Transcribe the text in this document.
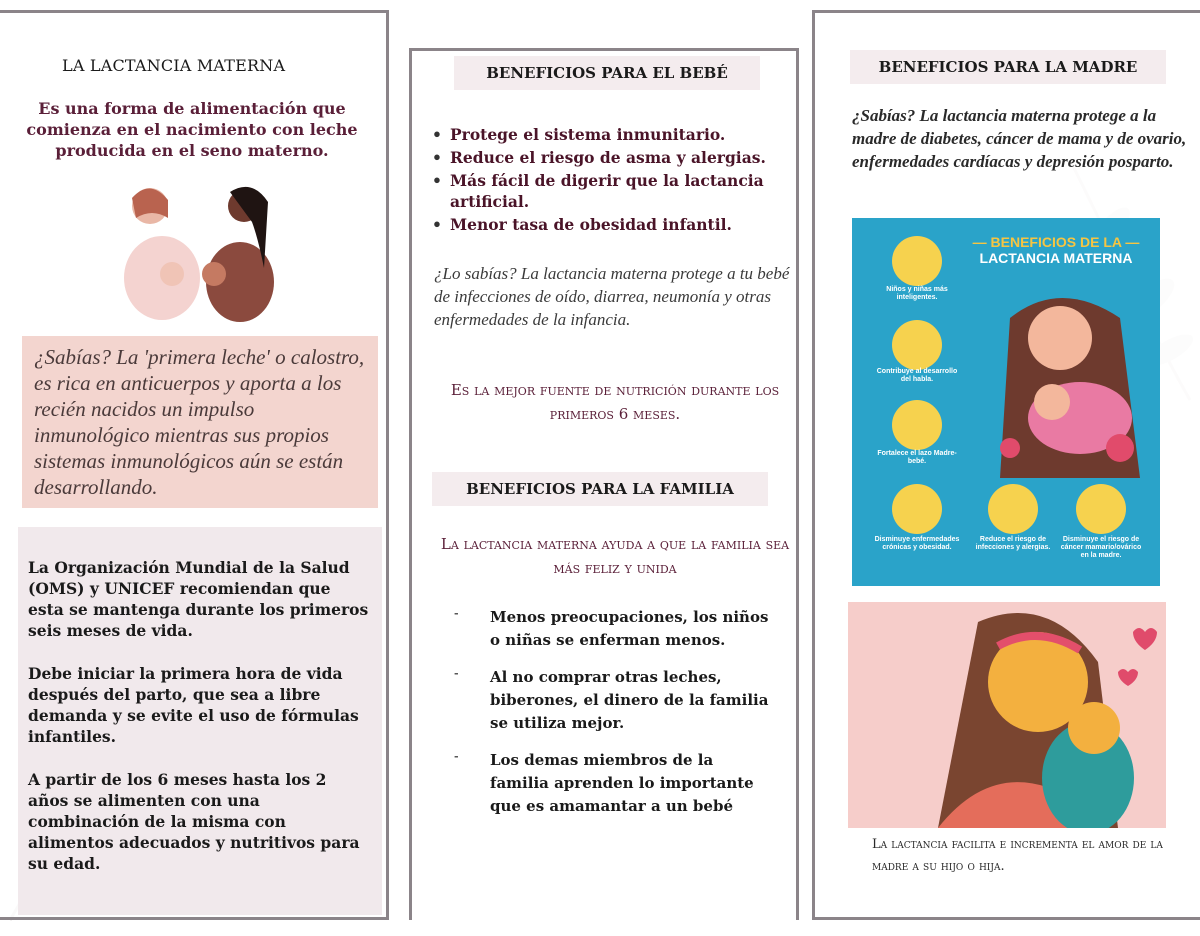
LA LACTANCIA MATERNA
Es una forma de alimentación que comienza en el nacimiento con leche producida en el seno materno.
¿Sabías? La 'primera leche' o calostro, es rica en anticuerpos y aporta a los recién nacidos un impulso inmunológico mientras sus propios sistemas inmunológicos aún se están desarrollando.

La Organización Mundial de la Salud (OMS) y UNICEF recomiendan que esta se mantenga durante los primeros seis meses de vida.

Debe iniciar la primera hora de vida después del parto, que sea a libre demanda y se evite el uso de fórmulas infantiles.

A partir de los 6 meses hasta los 2 años se alimenten con una combinación de la misma con alimentos adecuados y nutritivos para su edad.

BENEFICIOS PARA EL BEBÉ
• Protege el sistema inmunitario.
• Reduce el riesgo de asma y alergias.
• Más fácil de digerir que la lactancia artificial.
• Menor tasa de obesidad infantil.
¿Lo sabías? La lactancia materna protege a tu bebé de infecciones de oído, diarrea, neumonía y otras enfermedades de la infancia.
Es la mejor fuente de nutrición durante los primeros 6 meses.
BENEFICIOS PARA LA FAMILIA
La lactancia materna ayuda a que la familia sea más feliz y unida
- Menos preocupaciones, los niños o niñas se enferman menos.
- Al no comprar otras leches, biberones, el dinero de la familia se utiliza mejor.
- Los demas miembros de la familia aprenden lo importante que es amamantar a un bebé
BENEFICIOS PARA LA MADRE
¿Sabías? La lactancia materna protege a la madre de diabetes, cáncer de mama y de ovario, enfermedades cardíacas y depresión posparto.
— BENEFICIOS DE LA —
LACTANCIA MATERNA
Niños y niñas más inteligentes.
Contribuye al desarrollo del habla.
Fortalece el lazo Madre-bebé.
Disminuye enfermedades crónicas y obesidad.
Reduce el riesgo de infecciones y alergias.
Disminuye el riesgo de cáncer mamario/ovárico en la madre.
La lactancia facilita e incrementa el amor de la madre a su hijo o hija.
